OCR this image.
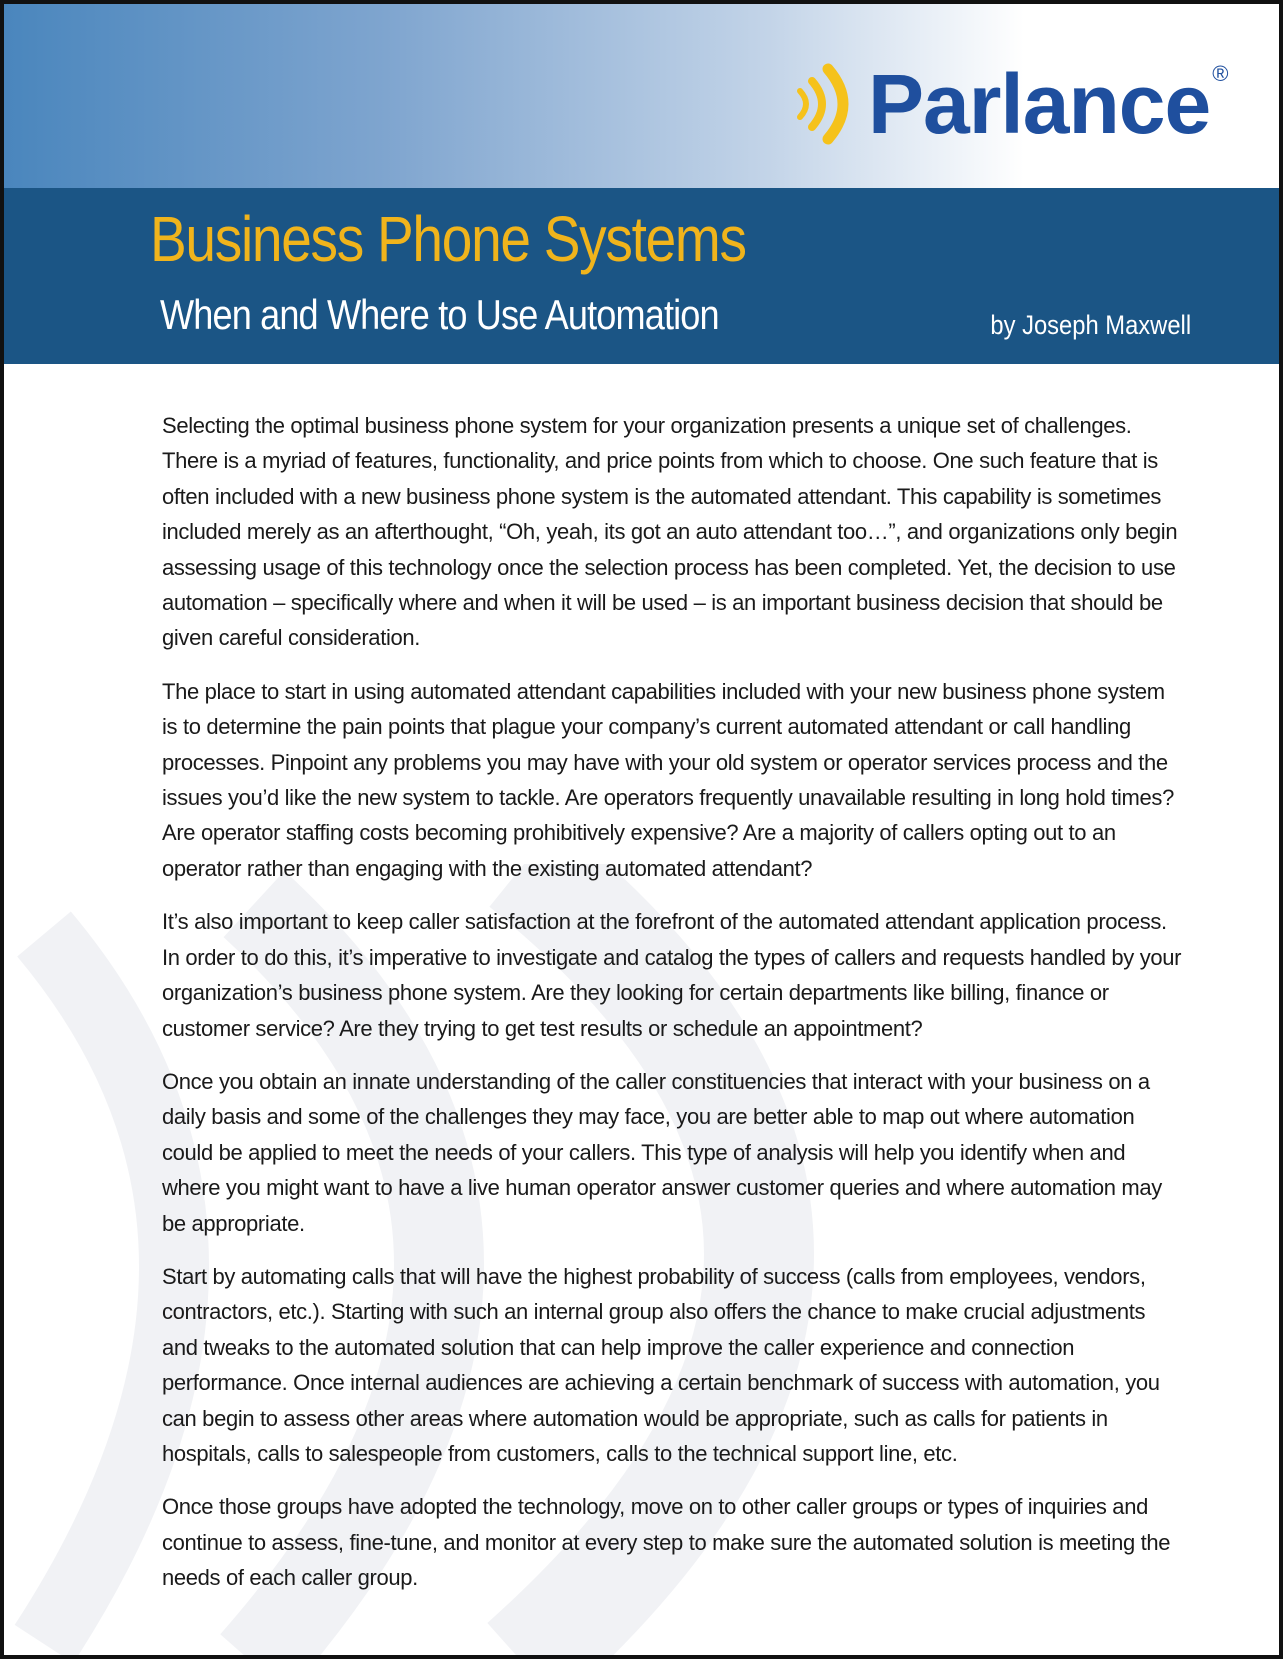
Parlance ®
Business Phone Systems
When and Where to Use Automation	by Joseph Maxwell

Selecting the optimal business phone system for your organization presents a unique set of challenges. There is a myriad of features, functionality, and price points from which to choose. One such feature that is often included with a new business phone system is the automated attendant. This capability is sometimes included merely as an afterthought, “Oh, yeah, its got an auto attendant too…”, and organizations only begin assessing usage of this technology once the selection process has been completed. Yet, the decision to use automation – specifically where and when it will be used – is an important business decision that should be given careful consideration.

The place to start in using automated attendant capabilities included with your new business phone system is to determine the pain points that plague your company’s current automated attendant or call handling processes. Pinpoint any problems you may have with your old system or operator services process and the issues you’d like the new system to tackle. Are operators frequently unavailable resulting in long hold times? Are operator staffing costs becoming prohibitively expensive? Are a majority of callers opting out to an operator rather than engaging with the existing automated attendant?

It’s also important to keep caller satisfaction at the forefront of the automated attendant application process. In order to do this, it’s imperative to investigate and catalog the types of callers and requests handled by your organization’s business phone system. Are they looking for certain departments like billing, finance or customer service? Are they trying to get test results or schedule an appointment?

Once you obtain an innate understanding of the caller constituencies that interact with your business on a daily basis and some of the challenges they may face, you are better able to map out where automation could be applied to meet the needs of your callers. This type of analysis will help you identify when and where you might want to have a live human operator answer customer queries and where automation may be appropriate.

Start by automating calls that will have the highest probability of success (calls from employees, vendors, contractors, etc.). Starting with such an internal group also offers the chance to make crucial adjustments and tweaks to the automated solution that can help improve the caller experience and connection performance. Once internal audiences are achieving a certain benchmark of success with automation, you can begin to assess other areas where automation would be appropriate, such as calls for patients in hospitals, calls to salespeople from customers, calls to the technical support line, etc.

Once those groups have adopted the technology, move on to other caller groups or types of inquiries and continue to assess, fine-tune, and monitor at every step to make sure the automated solution is meeting the needs of each caller group.
